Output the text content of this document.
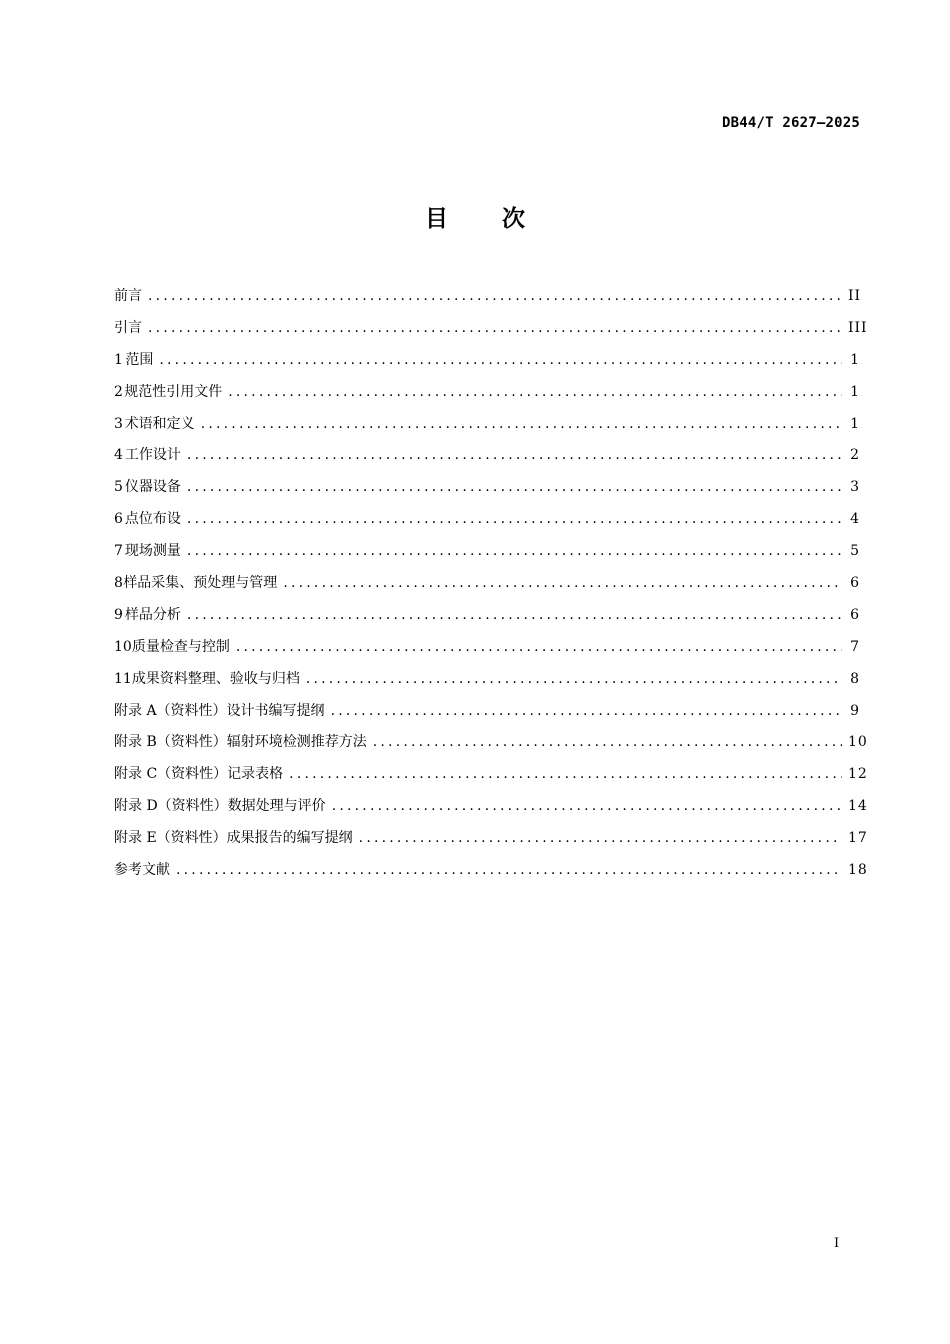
DB44/T 2627—2025
目 次
前言 .....	II
引言 .....	III
1 范围 .....	1
2 规范性引用文件 .....	1
3 术语和定义 .....	1
4 工作设计 .....	2
5 仪器设备 .....	3
6 点位布设 .....	4
7 现场测量 .....	5
8 样品采集、预处理与管理 .....	6
9 样品分析 .....	6
10 质量检查与控制 .....	7
11 成果资料整理、验收与归档 .....	8
附录 A（资料性） 设计书编写提纲 .....	9
附录 B（资料性） 辐射环境检测推荐方法 .....	10
附录 C（资料性） 记录表格 .....	12
附录 D（资料性） 数据处理与评价 .....	14
附录 E（资料性） 成果报告的编写提纲 .....	17
参考文献 .....	18
I
